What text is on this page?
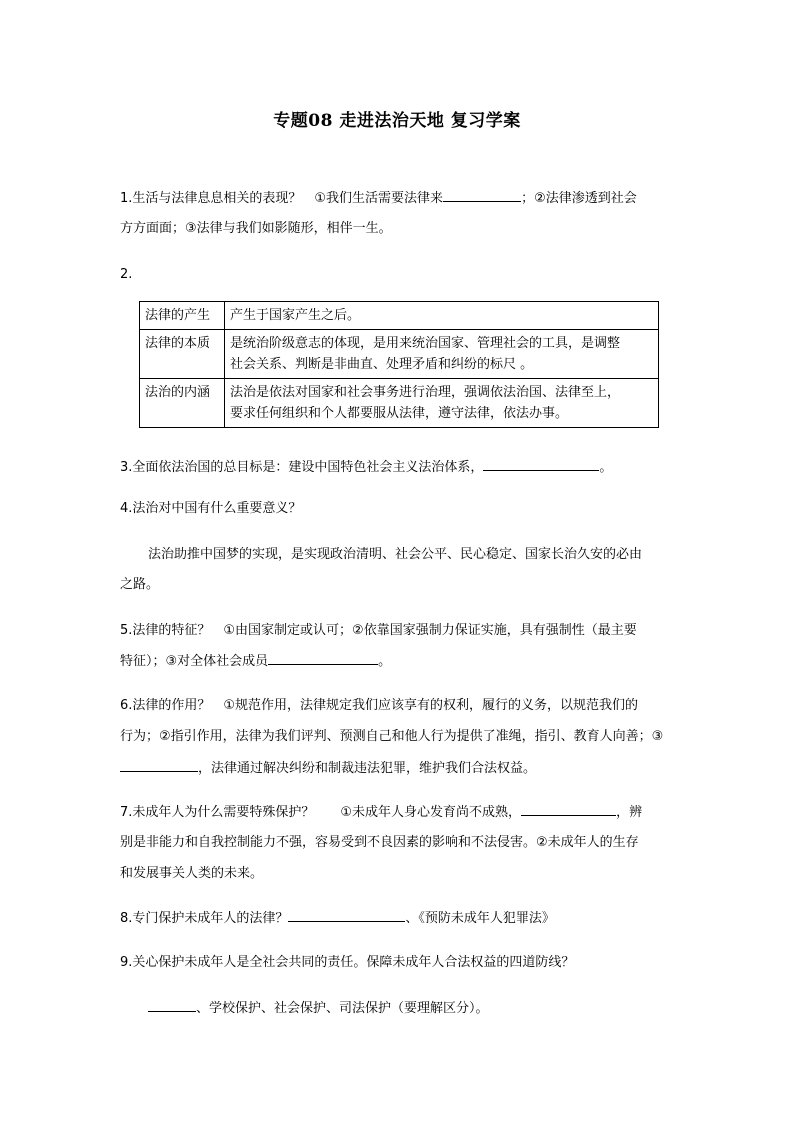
专题08 走进法治天地 复习学案
1.生活与法律息息相关的表现？　①我们生活需要法律来	；②法律渗透到社会
方方面面；③法律与我们如影随形，相伴一生。
2.
法律的产生	产生于国家产生之后。
法律的本质	是统治阶级意志的体现，是用来统治国家、管理社会的工具，是调整
社会关系、判断是非曲直、处理矛盾和纠纷的标尺 。
法治的内涵	法治是依法对国家和社会事务进行治理，强调依法治国、法律至上，
要求任何组织和个人都要服从法律，遵守法律，依法办事。
3.全面依法治国的总目标是：建设中国特色社会主义法治体系，	。
4.法治对中国有什么重要意义？
法治助推中国梦的实现，是实现政治清明、社会公平、民心稳定、国家长治久安的必由
之路。
5.法律的特征？　①由国家制定或认可；②依靠国家强制力保证实施，具有强制性（最主要
特征）；③对全体社会成员	。
6.法律的作用？　①规范作用，法律规定我们应该享有的权利，履行的义务，以规范我们的
行为；②指引作用，法律为我们评判、预测自己和他人行为提供了准绳，指引、教育人向善；③
，法律通过解决纠纷和制裁违法犯罪，维护我们合法权益。
7.未成年人为什么需要特殊保护？　　①未成年人身心发育尚不成熟，	，辨
别是非能力和自我控制能力不强，容易受到不良因素的影响和不法侵害。②未成年人的生存
和发展事关人类的未来。
8.专门保护未成年人的法律？	、《预防未成年人犯罪法》
9.关心保护未成年人是全社会共同的责任。保障未成年人合法权益的四道防线？
、学校保护、社会保护、司法保护（要理解区分）。
